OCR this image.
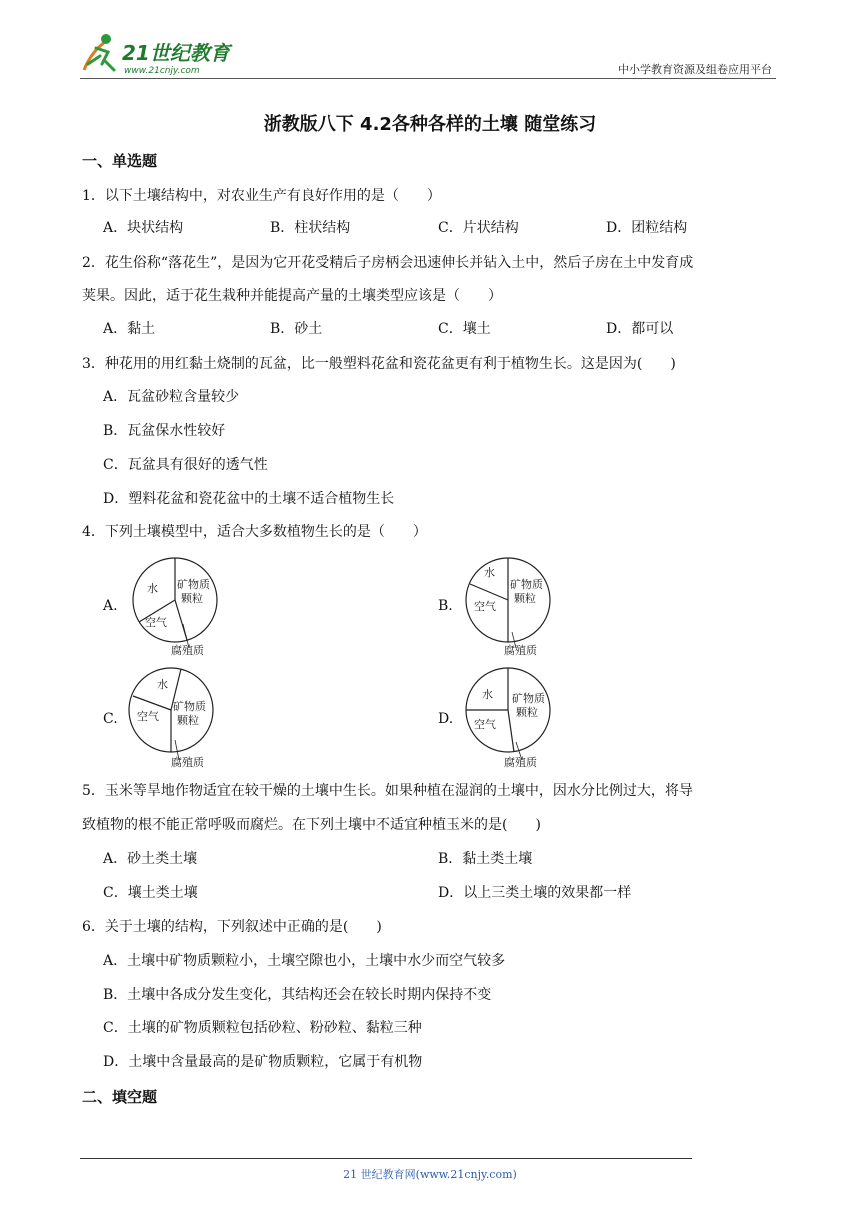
21世纪教育
www.21cnjy.com	中小学教育资源及组卷应用平台
浙教版八下 4.2各种各样的土壤 随堂练习
一、单选题
1．以下土壤结构中，对农业生产有良好作用的是（　　）
A．块状结构	B．柱状结构	C．片状结构	D．团粒结构
2．花生俗称“落花生”，是因为它开花受精后子房柄会迅速伸长并钻入土中，然后子房在土中发育成
荚果。因此，适于花生栽种并能提高产量的土壤类型应该是（　　）
A．黏土	B．砂土	C．壤土	D．都可以
3．种花用的用红黏土烧制的瓦盆，比一般塑料花盆和瓷花盆更有利于植物生长。这是因为(　　)
A．瓦盆砂粒含量较少
B．瓦盆保水性较好
C．瓦盆具有很好的透气性
D．塑料花盆和瓷花盆中的土壤不适合植物生长
4．下列土壤模型中，适合大多数植物生长的是（　　）
A.
水 矿物质
颗粒
空气
腐殖质
B.
水
矿物质
颗粒
空气
腐殖质
C.
水
矿物质
颗粒
空气
腐殖质
D.
水 矿物质
颗粒
空气
腐殖质
5．玉米等旱地作物适宜在较干燥的土壤中生长。如果种植在湿润的土壤中，因水分比例过大，将导
致植物的根不能正常呼吸而腐烂。在下列土壤中不适宜种植玉米的是(　　)
A．砂土类土壤	B．黏土类土壤
C．壤土类土壤	D．以上三类土壤的效果都一样
6．关于土壤的结构，下列叙述中正确的是(　　)
A．土壤中矿物质颗粒小，土壤空隙也小，土壤中水少而空气较多
B．土壤中各成分发生变化，其结构还会在较长时期内保持不变
C．土壤的矿物质颗粒包括砂粒、粉砂粒、黏粒三种
D．土壤中含量最高的是矿物质颗粒，它属于有机物
二、填空题
21 世纪教育网(www.21cnjy.com)
